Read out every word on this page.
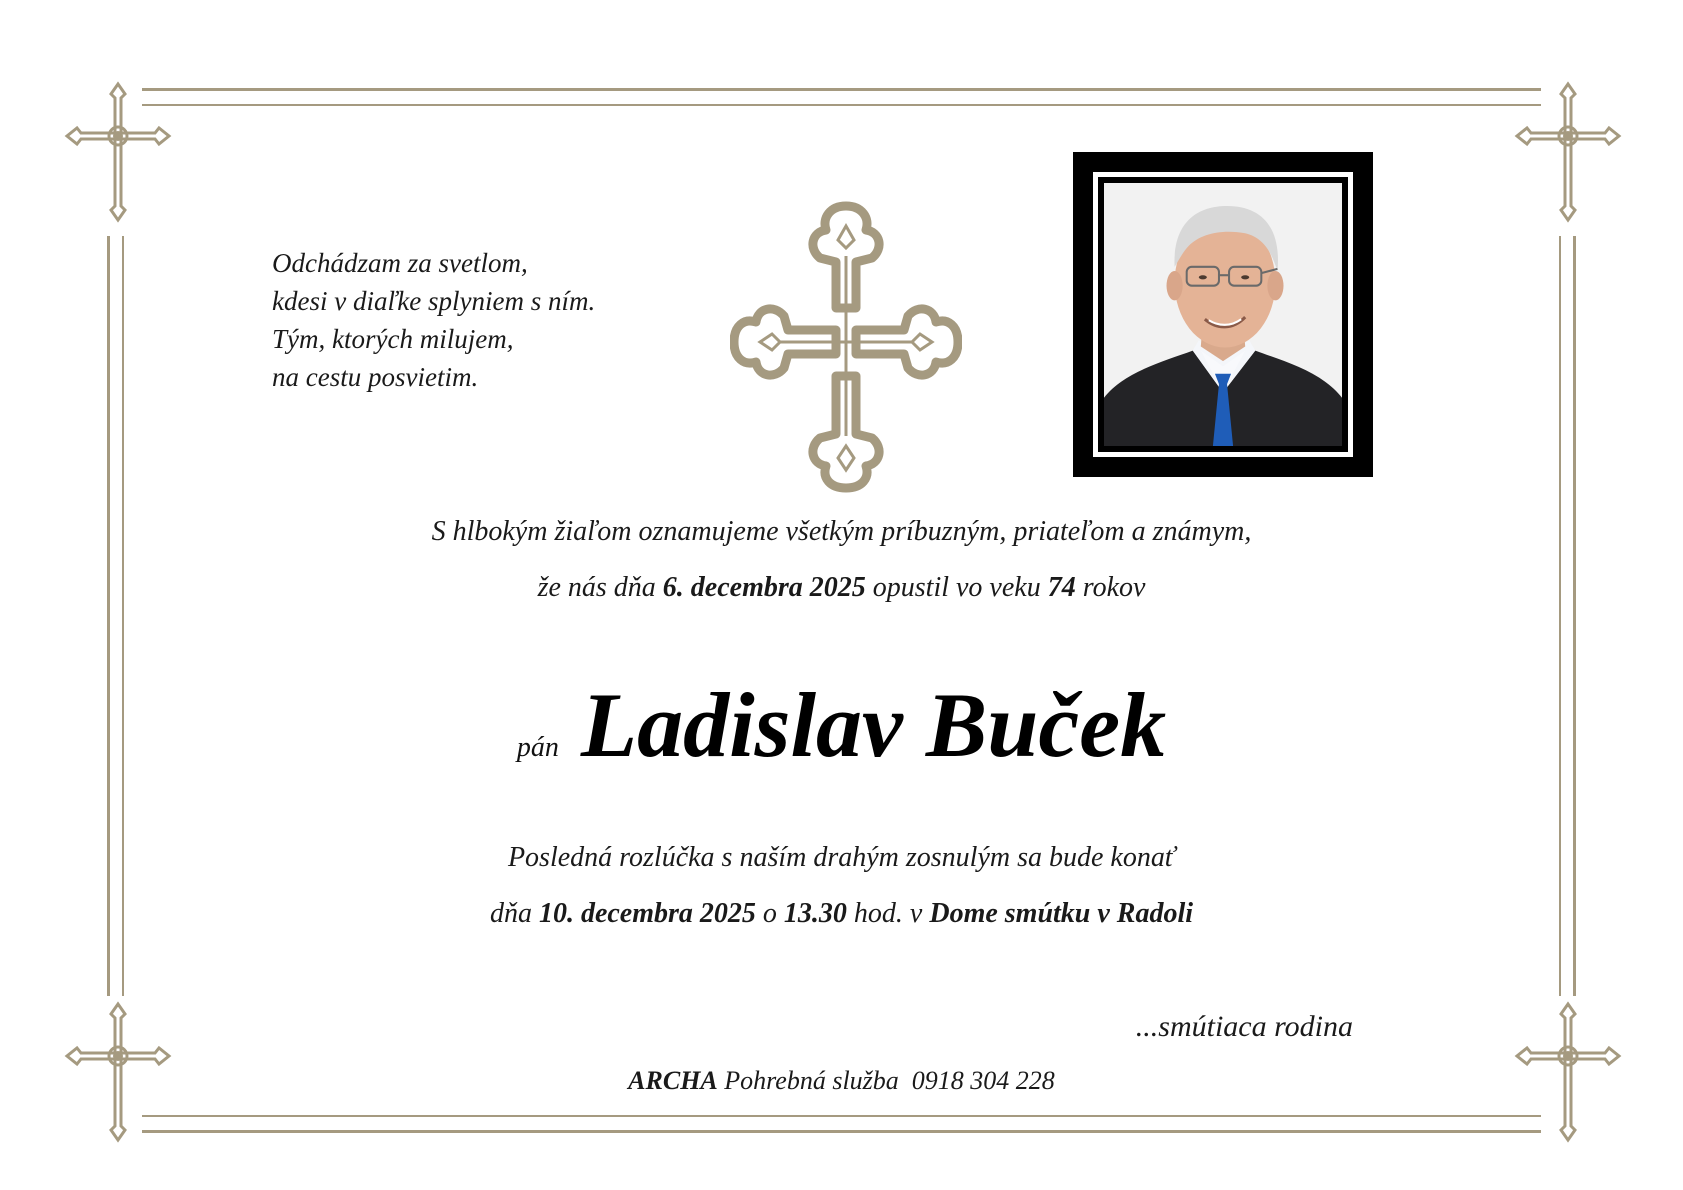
Odchádzam za svetlom,
kdesi v diaľke splyniem s ním.
Tým, ktorých milujem,
na cestu posvietim.
S hlbokým žiaľom oznamujeme všetkým príbuzným, priateľom a známym,
že nás dňa 6. decembra 2025 opustil vo veku 74 rokov
pán Ladislav Buček
Posledná rozlúčka s naším drahým zosnulým sa bude konať
dňa 10. decembra 2025 o 13.30 hod. v Dome smútku v Radoli
...smútiaca rodina
ARCHA Pohrebná služba  0918 304 228
